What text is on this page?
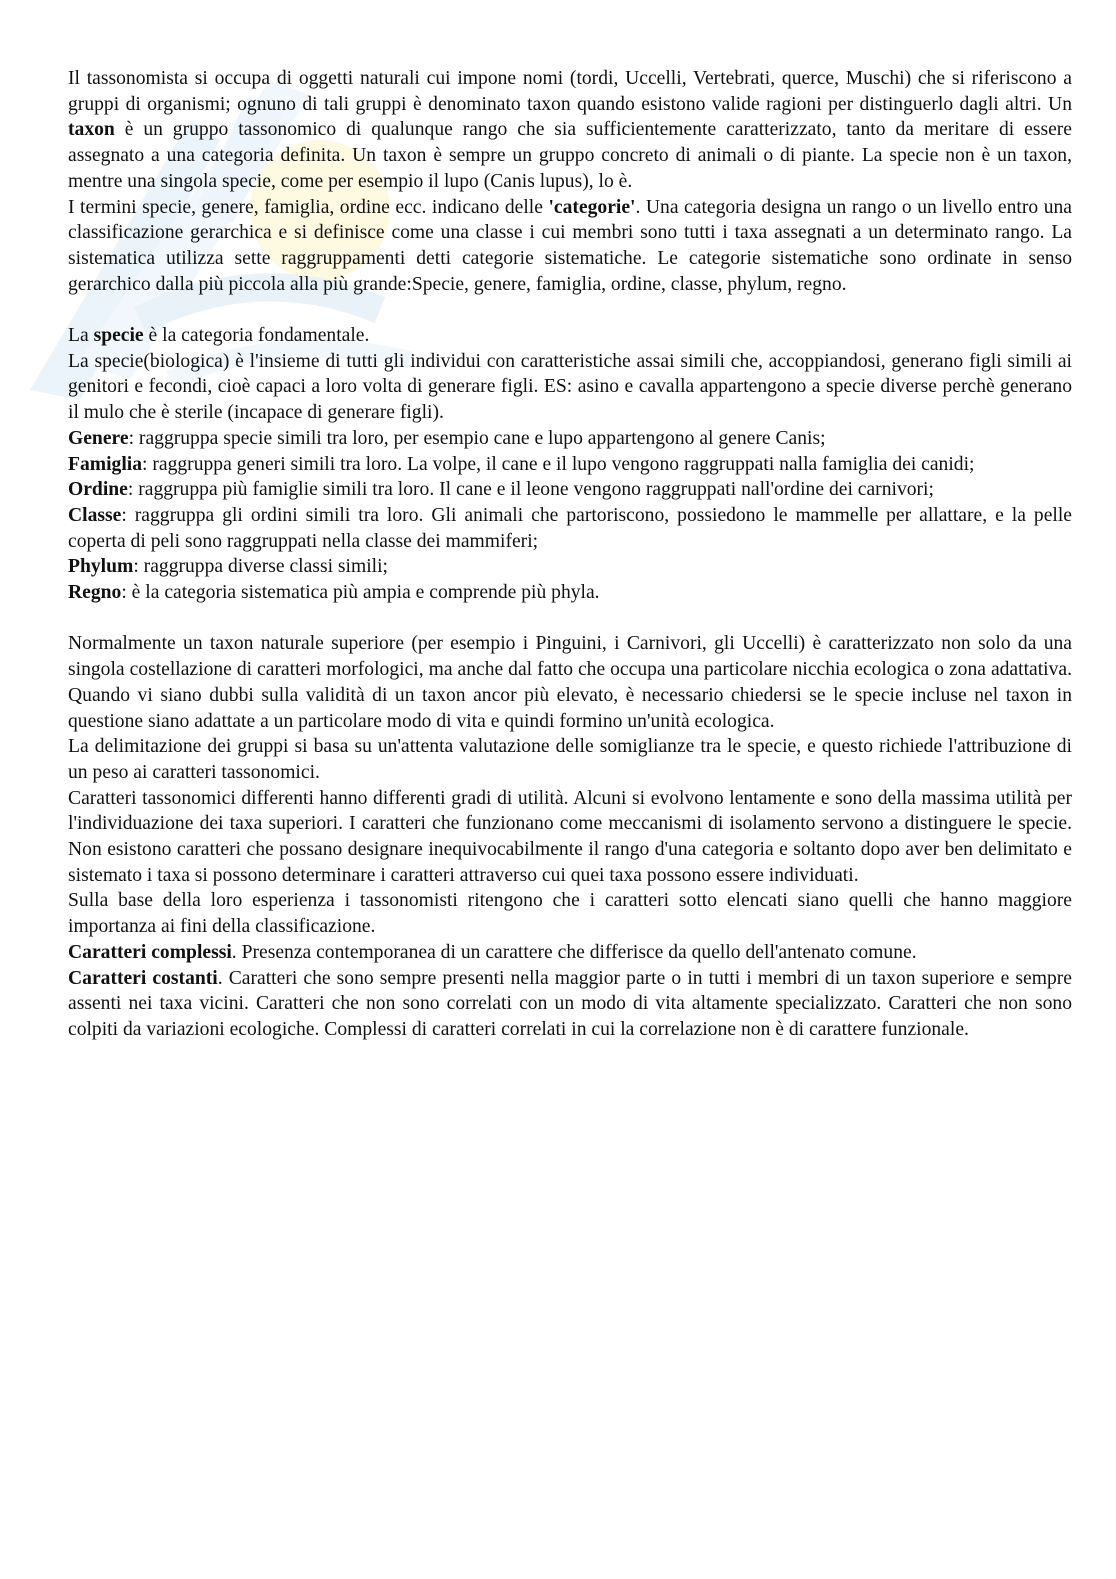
Il tassonomista si occupa di oggetti naturali cui impone nomi (tordi, Uccelli, Vertebrati, querce, Muschi) che si riferiscono a gruppi di organismi; ognuno di tali gruppi è denominato taxon quando esistono valide ragioni per distinguerlo dagli altri. Un taxon è un gruppo tassonomico di qualunque rango che sia sufficientemente caratterizzato, tanto da meritare di essere assegnato a una categoria definita. Un taxon è sempre un gruppo concreto di animali o di piante. La specie non è un taxon, mentre una singola specie, come per esempio il lupo (Canis lupus), lo è.

I termini specie, genere, famiglia, ordine ecc. indicano delle 'categorie'. Una categoria designa un rango o un livello entro una classificazione gerarchica e si definisce come una classe i cui membri sono tutti i taxa assegnati a un determinato rango. La sistematica utilizza sette raggruppamenti detti categorie sistematiche. Le categorie sistematiche sono ordinate in senso gerarchico dalla più piccola alla più grande:Specie, genere, famiglia, ordine, classe, phylum, regno.

La specie è la categoria fondamentale.

La specie(biologica) è l'insieme di tutti gli individui con caratteristiche assai simili che, accoppiandosi, generano figli simili ai genitori e fecondi, cioè capaci a loro volta di generare figli. ES: asino e cavalla appartengono a specie diverse perchè generano il mulo che è sterile (incapace di generare figli).

Genere: raggruppa specie simili tra loro, per esempio cane e lupo appartengono al genere Canis;

Famiglia: raggruppa generi simili tra loro. La volpe, il cane e il lupo vengono raggruppati nalla famiglia dei canidi;

Ordine: raggruppa più famiglie simili tra loro. Il cane e il leone vengono raggruppati nall'ordine dei carnivori;

Classe: raggruppa gli ordini simili tra loro. Gli animali che partoriscono, possiedono le mammelle per allattare, e la pelle coperta di peli sono raggruppati nella classe dei mammiferi;

Phylum: raggruppa diverse classi simili;

Regno: è la categoria sistematica più ampia e comprende più phyla.

Normalmente un taxon naturale superiore (per esempio i Pinguini, i Carnivori, gli Uccelli) è caratterizzato non solo da una singola costellazione di caratteri morfologici, ma anche dal fatto che occupa una particolare nicchia ecologica o zona adattativa. Quando vi siano dubbi sulla validità di un taxon ancor più elevato, è necessario chiedersi se le specie incluse nel taxon in questione siano adattate a un particolare modo di vita e quindi formino un'unità ecologica.

La delimitazione dei gruppi si basa su un'attenta valutazione delle somiglianze tra le specie, e questo richiede l'attribuzione di un peso ai caratteri tassonomici.

Caratteri tassonomici differenti hanno differenti gradi di utilità. Alcuni si evolvono lentamente e sono della massima utilità per l'individuazione dei taxa superiori. I caratteri che funzionano come meccanismi di isolamento servono a distinguere le specie. Non esistono caratteri che possano designare inequivocabilmente il rango d'una categoria e soltanto dopo aver ben delimitato e sistemato i taxa si possono determinare i caratteri attraverso cui quei taxa possono essere individuati.

Sulla base della loro esperienza i tassonomisti ritengono che i caratteri sotto elencati siano quelli che hanno maggiore importanza ai fini della classificazione.

Caratteri complessi. Presenza contemporanea di un carattere che differisce da quello dell'antenato comune.

Caratteri costanti. Caratteri che sono sempre presenti nella maggior parte o in tutti i membri di un taxon superiore e sempre assenti nei taxa vicini. Caratteri che non sono correlati con un modo di vita altamente specializzato. Caratteri che non sono colpiti da variazioni ecologiche. Complessi di caratteri correlati in cui la correlazione non è di carattere funzionale.
